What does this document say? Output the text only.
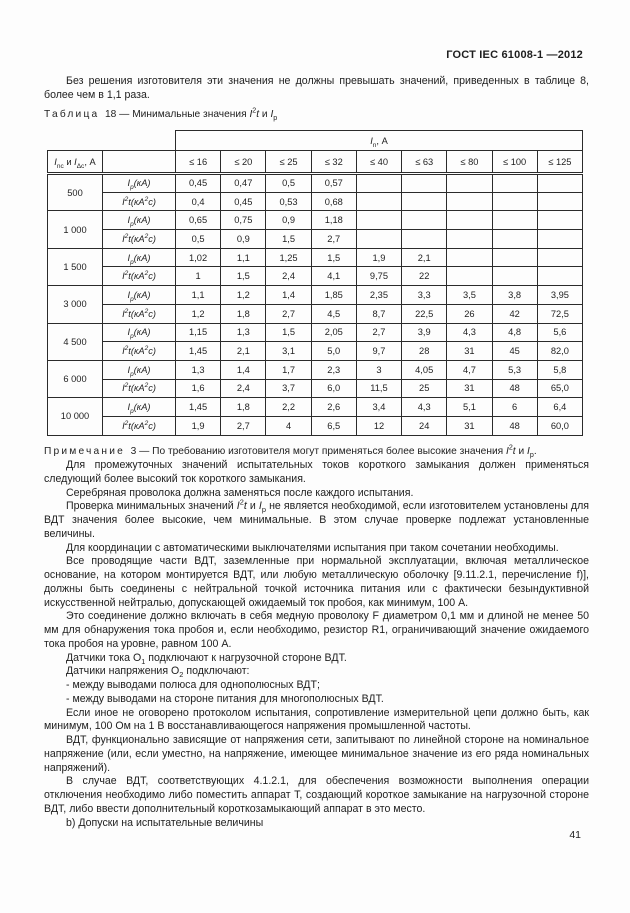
ГОСТ IEC 61008-1 —2012

Без решения изготовителя эти значения не должны превышать значений, приведенных в таблице 8, более чем в 1,1 раза.

Таблица 18 — Минимальные значения $I^2t$ и $I_p$
		$I_n$, А								
$I_{nc}$ и $I_{\Delta c}$, А		≤ 16	≤ 20	≤ 25	≤ 32	≤ 40	≤ 63	≤ 80	≤ 100	≤ 125
500	$I_p(кА)$	0,45	0,47	0,5	0,57					
	$I^2t(кА^2с)$	0,4	0,45	0,53	0,68					
1 000	$I_p(кА)$	0,65	0,75	0,9	1,18					
	$I^2t(кА^2с)$	0,5	0,9	1,5	2,7					
1 500	$I_p(кА)$	1,02	1,1	1,25	1,5	1,9	2,1			
	$I^2t(кА^2с)$	1	1,5	2,4	4,1	9,75	22			
3 000	$I_p(кА)$	1,1	1,2	1,4	1,85	2,35	3,3	3,5	3,8	3,95
	$I^2t(кА^2с)$	1,2	1,8	2,7	4,5	8,7	22,5	26	42	72,5
4 500	$I_p(кА)$	1,15	1,3	1,5	2,05	2,7	3,9	4,3	4,8	5,6
	$I^2t(кА^2с)$	1,45	2,1	3,1	5,0	9,7	28	31	45	82,0
6 000	$I_p(кА)$	1,3	1,4	1,7	2,3	3	4,05	4,7	5,3	5,8
	$I^2t(кА^2с)$	1,6	2,4	3,7	6,0	11,5	25	31	48	65,0
10 000	$I_p(кА)$	1,45	1,8	2,2	2,6	3,4	4,3	5,1	6	6,4
	$I^2t(кА^2с)$	1,9	2,7	4	6,5	12	24	31	48	60,0
Примечание 3 — По требованию изготовителя могут применяться более высокие значения $I^2t$ и $I_p$.

Для промежуточных значений испытательных токов короткого замыкания должен применяться следующий более высокий ток короткого замыкания.

Серебряная проволока должна заменяться после каждого испытания.

Проверка минимальных значений $I^2t$ и $I_p$ не является необходимой, если изготовителем установлены для ВДТ значения более высокие, чем минимальные. В этом случае проверке подлежат установленные величины.

Для координации с автоматическими выключателями испытания при таком сочетании необходимы.

Все проводящие части ВДТ, заземленные при нормальной эксплуатации, включая металлическое основание, на котором монтируется ВДТ, или любую металлическую оболочку [9.11.2.1, перечисление f)], должны быть соединены с нейтральной точкой источника питания или с фактически безындуктивной искусственной нейтралью, допускающей ожидаемый ток пробоя, как минимум, 100 А.

Это соединение должно включать в себя медную проволоку F диаметром 0,1 мм и длиной не менее 50 мм для обнаружения тока пробоя и, если необходимо, резистор R1, ограничивающий значение ожидаемого тока пробоя на уровне, равном 100 А.

Датчики тока $O_1$ подключают к нагрузочной стороне ВДТ.

Датчики напряжения $O_2$ подключают:

- между выводами полюса для однополюсных ВДТ;

- между выводами на стороне питания для многополюсных ВДТ.

Если иное не оговорено протоколом испытания, сопротивление измерительной цепи должно быть, как минимум, 100 Ом на 1 В восстанавливающегося напряжения промышленной частоты.

ВДТ, функционально зависящие от напряжения сети, запитывают по линейной стороне на номинальное напряжение (или, если уместно, на напряжение, имеющее минимальное значение из его ряда номинальных напряжений).

В случае ВДТ, соответствующих 4.1.2.1, для обеспечения возможности выполнения операции отключения необходимо либо поместить аппарат Т, создающий короткое замыкание на нагрузочной стороне ВДТ, либо ввести дополнительный короткозамыкающий аппарат в это место.

b) Допуски на испытательные величины

41
